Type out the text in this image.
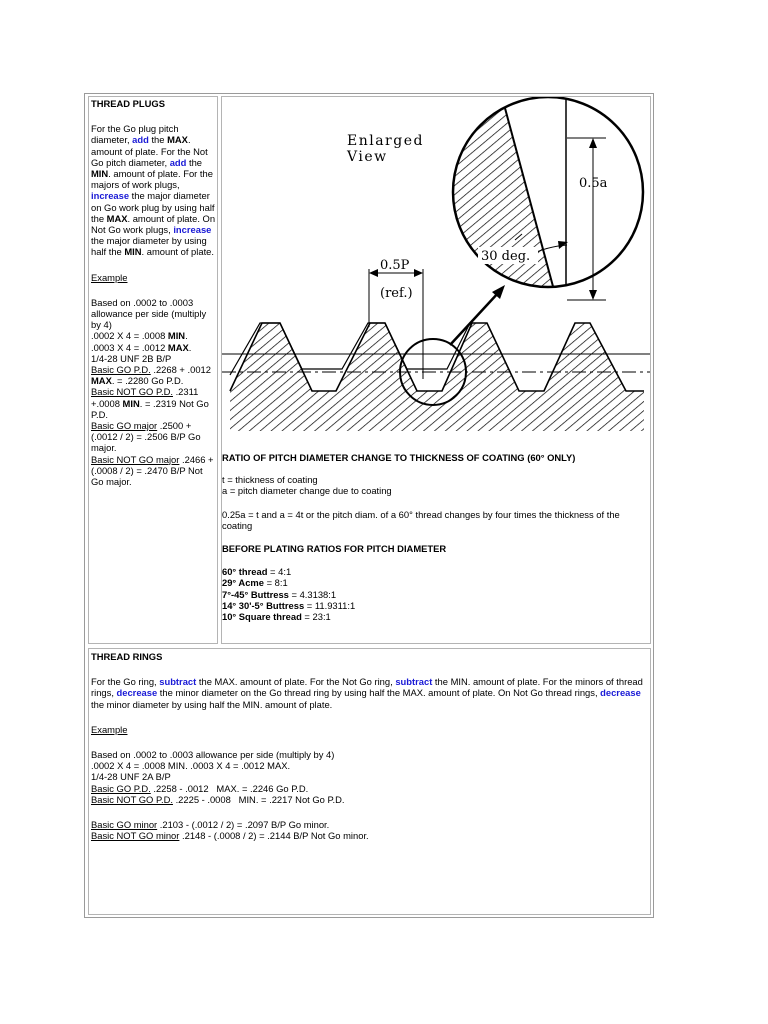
THREAD PLUGS

For the Go plug pitch diameter, add the MAX. amount of plate. For the Not Go pitch diameter, add the MIN. amount of plate. For the majors of work plugs, increase the major diameter on Go work plug by using half the MAX. amount of plate. On Not Go work plugs, increase the major diameter by using half the MIN. amount of plate.

Example

Based on .0002 to .0003 allowance per side (multiply by 4)

.0002 X 4 = .0008 MIN.

.0003 X 4 = .0012 MAX.

1/4-28 UNF 2B B/P

Basic GO P.D. .2268 + .0012 MAX. = .2280 Go P.D.

Basic NOT GO P.D. .2311 +.0008 MIN. = .2319 Not Go P.D.

Basic GO major .2500 + (.0012 / 2) = .2506 B/P Go major.

Basic NOT GO major .2466 + (.0008 / 2) = .2470 B/P Not Go major.

0.5a
30 deg.
Enlarged
View
0.5P
(ref.)

RATIO OF PITCH DIAMETER CHANGE TO THICKNESS OF COATING (60° ONLY)

t = thickness of coating

a = pitch diameter change due to coating

0.25a = t and a = 4t or the pitch diam. of a 60° thread changes by four times the thickness of the coating

BEFORE PLATING RATIOS FOR PITCH DIAMETER

60° thread = 4:1

29° Acme = 8:1

7°-45° Buttress = 4.3138:1

14° 30'-5° Buttress = 11.9311:1

10° Square thread = 23:1

THREAD RINGS

For the Go ring, subtract the MAX. amount of plate. For the Not Go ring, subtract the MIN. amount of plate. For the minors of thread rings, decrease the minor diameter on the Go thread ring by using half the MAX. amount of plate. On Not Go thread rings, decrease the minor diameter by using half the MIN. amount of plate.

Example

Based on .0002 to .0003 allowance per side (multiply by 4)

.0002 X 4 = .0008 MIN. .0003 X 4 = .0012 MAX.

1/4-28 UNF 2A B/P

Basic GO P.D. .2258 - .0012   MAX. = .2246 Go P.D.

Basic NOT GO P.D. .2225 - .0008   MIN. = .2217 Not Go P.D.

Basic GO minor .2103 - (.0012 / 2) = .2097 B/P Go minor.

Basic NOT GO minor .2148 - (.0008 / 2) = .2144 B/P Not Go minor.
